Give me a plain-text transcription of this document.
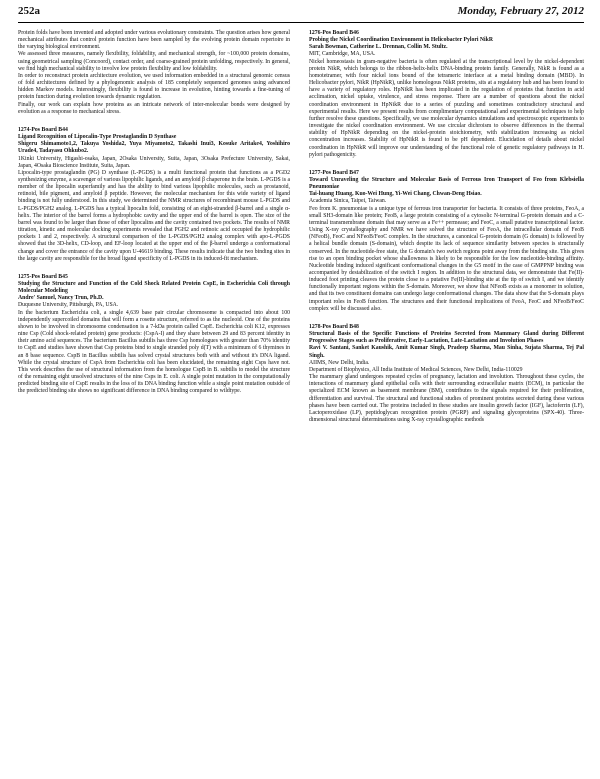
252a	Monday, February 27, 2012

Protein folds have been invented and adopted under various evolutionary constraints. The question arises how general mechanical attributes that control protein function have been sampled by the evolving protein domain repertoire in the varying biological environment.

We assessed three measures, namely flexibility, foldability, and mechanical strength, for ~100,000 protein domains, using geometrical sampling (Concoord), contact order, and coarse-grained protein unfolding, respectively. In general, we find high mechanical stability to involve low protein flexibility and low foldability.

In order to reconstruct protein architecture evolution, we used information embedded in a structural genomic census of fold architectures defined by a phylogenomic analysis of 185 completely sequenced genomes using advanced hidden Markov models. Interestingly, flexibility is found to increase in evolution, hinting towards a fine-tuning of protein function during evolution towards dynamic regulation.

Finally, our work can explain how proteins as an intricate network of inter-molecular bonds were designed by evolution as a response to mechanical stress.

1274-Pos Board B44

Ligand Recognition of Lipocalin-Type Prostaglandin D Synthase

Shigeru Shimamoto1,2, Takuya Yoshida2, Yuya Miyamoto2, Takashi Inui3, Kosuke Aritake4, Yoshihiro Urade4, Tadayasu Ohkubo2.

1Kinki University, Higashi-osaka, Japan, 2Osaka University, Suita, Japan, 3Osaka Prefecture University, Sakai, Japan, 4Osaka Bioscience Institute, Suita, Japan.

Lipocalin-type prostaglandin (PG) D synthase (L-PGDS) is a multi functional protein that functions as a PGD2 synthesizing enzyme, a scavenger of various lipophilic ligands, and an amyloid β chaperone in the brain. L-PGDS is a member of the lipocalin superfamily and has the ability to bind various lipophilic molecules, such as prostanoid, retinoid, bile pigment, and amyloid β peptide. However, the molecular mechanism for this wide variety of ligand binding is not fully understood. In this study, we determined the NMR structures of recombinant mouse L-PGDS and L-PGDS/PGH2 analog. L-PGDS has a typical lipocalin fold, consisting of an eight-stranded β-barrel and a single α-helix. The interior of the barrel forms a hydrophobic cavity and the upper end of the barrel is open. The size of the barrel was found to be larger than those of other lipocalins and the cavity contained two pockets. The results of NMR titration, kinetic and molecular docking experiments revealed that PGH2 and retinoic acid occupied the hydrophilic pockets 1 and 2, respectively. A structural comparison of the L-PGDS/PGH2 analog complex with apo-L-PGDS showed that the 3D-helix, CD-loop, and EF-loop located at the upper end of the β-barrel undergo a conformational change and cover the entrance of the cavity upon U-46619 binding. These results indicate that the two binding sites in the large cavity are responsible for the broad ligand specificity of L-PGDS in its induced-fit mechanism.

1275-Pos Board B45

Studying the Structure and Function of the Cold Shock Related Protein CspE, in Escherichia Coli through Molecular Modeling

Andre' Samuel, Nancy Trun, Ph.D.

Duquesne University, Pittsburgh, PA, USA.

In the bacterium Escherichia coli, a single 4,639 base pair circular chromosome is compacted into about 100 independently supercoiled domains that will form a rosette structure, referred to as the nucleoid. One of the proteins shown to be involved in chromosome condensation is a 7-kDa protein called CspE. Escherichia coli K12, expresses nine Csp (Cold shock-related protein) gene products: (CspA-I) and they share between 29 and 83 percent identity in their amino acid sequences. The bacterium Bacillus subtilis has three Csp homologues with greater than 70% identity to CspE and studies have shown that Csp proteins bind to single stranded poly d(T) with a minimum of 6 thymines in an 8 base sequence. CspB in Bacillus subtilis has solved crystal structures both with and without it's DNA ligand. While the crystal structure of CspA from Escherichia coli has been elucidated, the remaining eight Csps have not. This work describes the use of structural information from the homologue CspB in B. subtilis to model the structure of the remaining eight unsolved structures of the nine Csps in E. coli. A single point mutation in the computationally predicted binding site of CspE results in the loss of its DNA binding function while a single point mutation outside of the predicted binding site shows no significant difference in DNA binding compared to wildtype.

1276-Pos Board B46

Probing the Nickel Coordination Environment in Helicobacter Pylori NikR

Sarah Bowman, Catherine L. Drennan, Collin M. Stultz.

MIT, Cambridge, MA, USA.

Nickel homeostasis in gram-negative bacteria is often regulated at the transcriptional level by the nickel-dependent protein NikR, which belongs to the ribbon-helix-helix DNA-binding protein family. Generally, NikR is found as a homotetramer, with four nickel ions bound of the tetrameric interface at a metal binding domain (MBD). In Helicobacter pylori, NikR (HpNikR), unlike homologous NikR proteins, sits at a regulatory hub and has been found to have a variety of regulatory roles. HpNikR has been implicated in the regulation of proteins that function in acid acclimation, nickel uptake, virulence, and stress response. There are a number of questions about the nickel coordination environment in HpNikR due to a series of puzzling and sometimes contradictory structural and experimental results. Here we present results from complimentary computational and experimental techniques to help further resolve these questions. Specifically, we use molecular dynamics simulations and spectroscopic experiments to investigate the nickel coordination environment. We use circular dichroism to observe differences in the thermal stability of HpNikR depending on the nickel-protein stoichiometry, with stabilization increasing as nickel concentration increases. Stability of HpNikR is found to be pH dependent. Elucidation of details about nickel coordination in HpNikR will improve our understanding of the functional role of genetic regulatory pathways in H. pylori pathogenicity.

1277-Pos Board B47

Toward Unraveling the Structure and Molecular Basis of Ferrous Iron Transport of Feo from Klebsiella Pneumoniae

Tai-huang Huang, Kuo-Wei Hung, Yi-Wei Chang, Chwan-Deng Hsiao.

Academia Sinica, Taipei, Taiwan.

Feo from K. pneumoniae is a unique type of ferrous iron transporter for bacteria. It consists of three proteins, FeoA, a small SH3-domain like protein; FeoB, a large protein consisting of a cytosolic N-terminal G-protein domain and a C-terminal transmembrane domain that may serve as a Fe++ permease; and FeoC, a small putative transcriptional factor. Using X-ray crystallography and NMR we have solved the structure of FeoA, the intracellular domain of FeoB (NFeoB), FeoC and NFeoB/FeoC complex. In the structures, a canonical G-protein domain (G domain) is followed by a helical bundle domain (S-domain), which despite its lack of sequence similarity between species is structurally conserved. In the nucleotide-free state, the G domain's two switch regions point away from the binding site. This gives rise to an open binding pocket whose shallowness is likely to be responsible for the low nucleotide-binding affinity. Nucleotide binding induced significant conformational changes in the G5 motif in the case of GMPPNP binding was accompanied by destabilization of the switch I region. In addition to the structural data, we demonstrate that Fe(II)-induced foot printing cleaves the protein close to a putative Fe(II)-binding site at the tip of switch I, and we identify functionally important regions within the S-domain. Moreover, we show that NFeoB exists as a monomer in solution, and that its two constituent domains can undergo large conformational changes. The data show that the S-domain plays important roles in FeoB function. The structures and their functional implications of FeoA, FeoC and NFeoB/FeoC complex will be discussed also.

1278-Pos Board B48

Structural Basis of the Specific Functions of Proteins Secreted from Mammary Gland during Different Progressive Stages such as Proliferative, Early-Lactation, Late-Lactation and Involution Phases

Ravi V. Santani, Sanket Kaushik, Amit Kumar Singh, Pradeep Sharma, Mau Sinha, Sujata Sharma, Tej Pal Singh.

AIIMS, New Delhi, India.

Department of Biophysics, All India Institute of Medical Sciences, New Delhi, India-110029

The mammary gland undergoes repeated cycles of pregnancy, lactation and involution. Throughout these cycles, the interactions of mammary gland epithelial cells with their surrounding extracellular matrix (ECM), in particular the specialized ECM known as basement membrane (BM), contributes to the signals required for their proliferation, differentiation and survival. The structural and functional studies of prominent proteins secreted during these various phases have been carried out. The proteins included in these studies are insulin growth factor (IGF), lactoferrin (LF), Lactoperoxidase (LP), peptidoglycan recognition protein (PGRP) and signaling glycoproteins (SPX-40). Three-dimensional structural determinations using X-ray crystallographic methods
